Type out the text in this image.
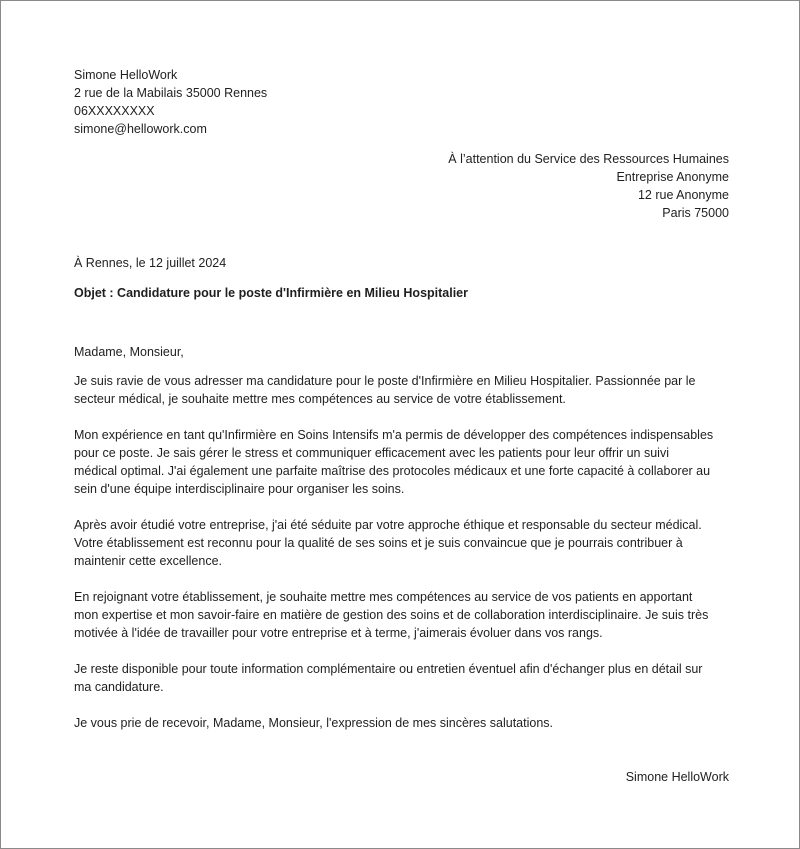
Simone HelloWork
2 rue de la Mabilais 35000 Rennes
06XXXXXXXX
simone@hellowork.com
À l’attention du Service des Ressources Humaines
Entreprise Anonyme
12 rue Anonyme
Paris 75000
À Rennes, le 12 juillet 2024
Objet : Candidature pour le poste d'Infirmière en Milieu Hospitalier
Madame, Monsieur,

Je suis ravie de vous adresser ma candidature pour le poste d'Infirmière en Milieu Hospitalier. Passionnée par le
secteur médical, je souhaite mettre mes compétences au service de votre établissement.

Mon expérience en tant qu'Infirmière en Soins Intensifs m'a permis de développer des compétences indispensables
pour ce poste. Je sais gérer le stress et communiquer efficacement avec les patients pour leur offrir un suivi
médical optimal. J'ai également une parfaite maîtrise des protocoles médicaux et une forte capacité à collaborer au
sein d'une équipe interdisciplinaire pour organiser les soins.

Après avoir étudié votre entreprise, j'ai été séduite par votre approche éthique et responsable du secteur médical.
Votre établissement est reconnu pour la qualité de ses soins et je suis convaincue que je pourrais contribuer à
maintenir cette excellence.

En rejoignant votre établissement, je souhaite mettre mes compétences au service de vos patients en apportant
mon expertise et mon savoir-faire en matière de gestion des soins et de collaboration interdisciplinaire. Je suis très
motivée à l'idée de travailler pour votre entreprise et à terme, j'aimerais évoluer dans vos rangs.

Je reste disponible pour toute information complémentaire ou entretien éventuel afin d'échanger plus en détail sur
ma candidature.

Je vous prie de recevoir, Madame, Monsieur, l'expression de mes sincères salutations.

Simone HelloWork
